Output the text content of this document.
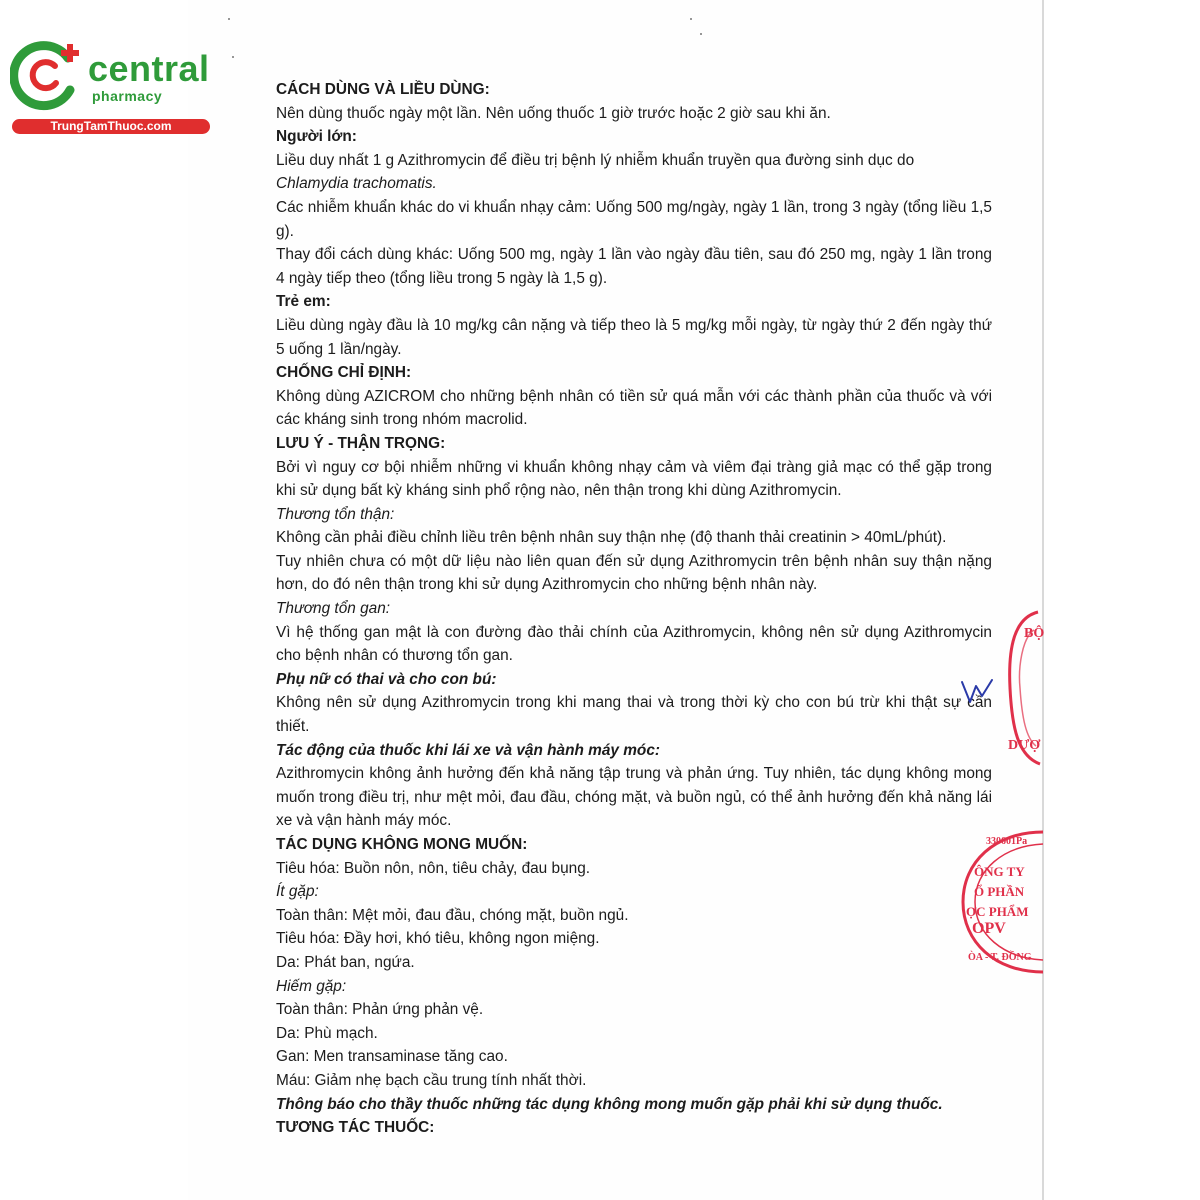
central
pharmacy
TrungTamThuoc.com

CÁCH DÙNG VÀ LIỀU DÙNG:

Nên dùng thuốc ngày một lần. Nên uống thuốc 1 giờ trước hoặc 2 giờ sau khi ăn.

Người lớn:

Liều duy nhất 1 g Azithromycin để điều trị bệnh lý nhiễm khuẩn truyền qua đường sinh dục do

Chlamydia trachomatis.

Các nhiễm khuẩn khác do vi khuẩn nhạy cảm: Uống 500 mg/ngày, ngày 1 lần, trong 3 ngày (tổng liều 1,5 g).

Thay đổi cách dùng khác: Uống 500 mg, ngày 1 lần vào ngày đầu tiên, sau đó 250 mg, ngày 1 lần trong 4 ngày tiếp theo (tổng liều trong 5 ngày là 1,5 g).

Trẻ em:

Liều dùng ngày đầu là 10 mg/kg cân nặng và tiếp theo là 5 mg/kg mỗi ngày, từ ngày thứ 2 đến ngày thứ 5 uống 1 lần/ngày.

CHỐNG CHỈ ĐỊNH:

Không dùng AZICROM cho những bệnh nhân có tiền sử quá mẫn với các thành phần của thuốc và với các kháng sinh trong nhóm macrolid.

LƯU Ý - THẬN TRỌNG:

Bởi vì nguy cơ bội nhiễm những vi khuẩn không nhạy cảm và viêm đại tràng giả mạc có thể gặp trong khi sử dụng bất kỳ kháng sinh phổ rộng nào, nên thận trong khi dùng Azithromycin.

Thương tổn thận:

Không cần phải điều chỉnh liều trên bệnh nhân suy thận nhẹ (độ thanh thải creatinin > 40mL/phút).

Tuy nhiên chưa có một dữ liệu nào liên quan đến sử dụng Azithromycin trên bệnh nhân suy thận nặng hơn, do đó nên thận trong khi sử dụng Azithromycin cho những bệnh nhân này.

Thương tổn gan:

Vì hệ thống gan mật là con đường đào thải chính của Azithromycin, không nên sử dụng Azithromycin cho bệnh nhân có thương tổn gan.

Phụ nữ có thai và cho con bú:

Không nên sử dụng Azithromycin trong khi mang thai và trong thời kỳ cho con bú trừ khi thật sự cần thiết.

Tác động của thuốc khi lái xe và vận hành máy móc:

Azithromycin không ảnh hưởng đến khả năng tập trung và phản ứng. Tuy nhiên, tác dụng không mong muốn trong điều trị, như mệt mỏi, đau đầu, chóng mặt, và buồn ngủ, có thể ảnh hưởng đến khả năng lái xe và vận hành máy móc.

TÁC DỤNG KHÔNG MONG MUỐN:

Tiêu hóa: Buồn nôn, nôn, tiêu chảy, đau bụng.

Ít gặp:

Toàn thân: Mệt mỏi, đau đầu, chóng mặt, buồn ngủ.

Tiêu hóa: Đầy hơi, khó tiêu, không ngon miệng.

Da: Phát ban, ngứa.

Hiếm gặp:

Toàn thân: Phản ứng phản vệ.

Da: Phù mạch.

Gan: Men transaminase tăng cao.

Máu: Giảm nhẹ bạch cầu trung tính nhất thời.

Thông báo cho thầy thuốc những tác dụng không mong muốn gặp phải khi sử dụng thuốc.

TƯƠNG TÁC THUỐC:

BỘ
DƯỢ
330601Pa
ÔNG TY
Ổ PHẦN
ỢC PHẨM
OPV
ÒA - T. ĐỒNG
